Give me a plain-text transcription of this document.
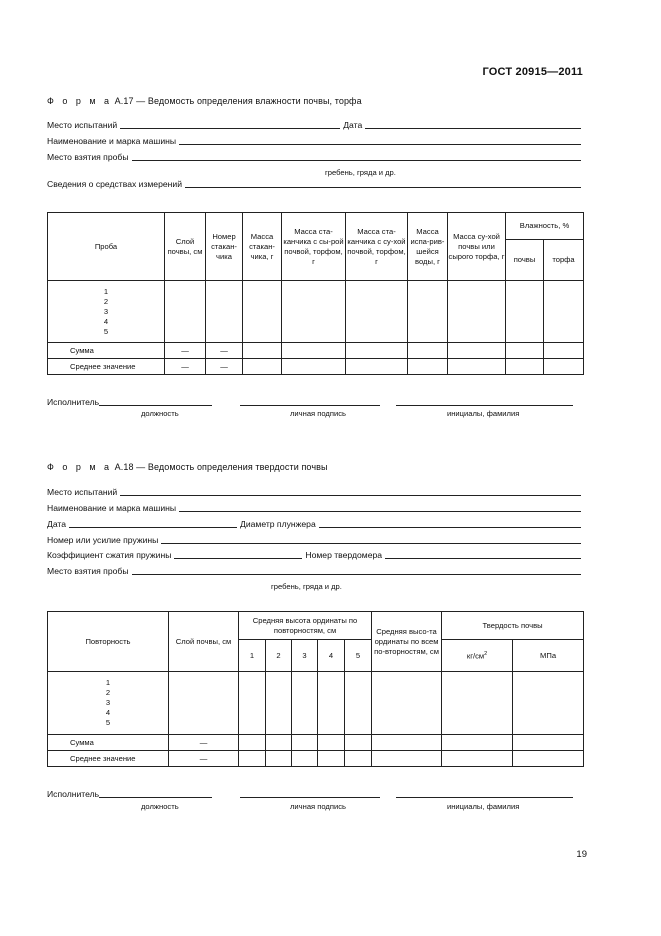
ГОСТ 20915—2011
Ф о р м а А.17 — Ведомость определения влажности почвы, торфа
Место испытаний	Дата
Наименование и марка машины
Место взятия пробы
гребень, гряда и др.
Сведения о средствах измерений
Проба	Слой почвы, см	Номер стакан-чика	Масса стакан-чика, г	Масса ста-канчика с сы-рой почвой, торфом, г	Масса ста-канчика с су-хой почвой, торфом, г	Масса испа-рив-шейся воды, г	Масса су-хой почвы или сырого торфа, г	Влажность, %	
								почвы	торфа

1
2
3
4
5									

Сумма	—	—							
Среднее значение	—	—							
Исполнитель
должность	личная подпись	инициалы, фамилия
Ф о р м а А.18 — Ведомость определения твердости почвы
Место испытаний
Наименование и марка машины
Дата	Диаметр плунжера
Номер или усилие пружины
Коэффициент сжатия пружины	Номер твердомера
Место взятия пробы
гребень, гряда и др.
Повторность	Слой почвы, см	Средняя высота ординаты по повторностям, см					Средняя высо-та ординаты по всем по-вторностям, см	Твердость почвы	
		1	2	3	4	5		$кг/см^2$	МПа

1
2
3
4
5									

Сумма	—								
Среднее значение	—								
Исполнитель
должность	личная подпись	инициалы, фамилия
19
